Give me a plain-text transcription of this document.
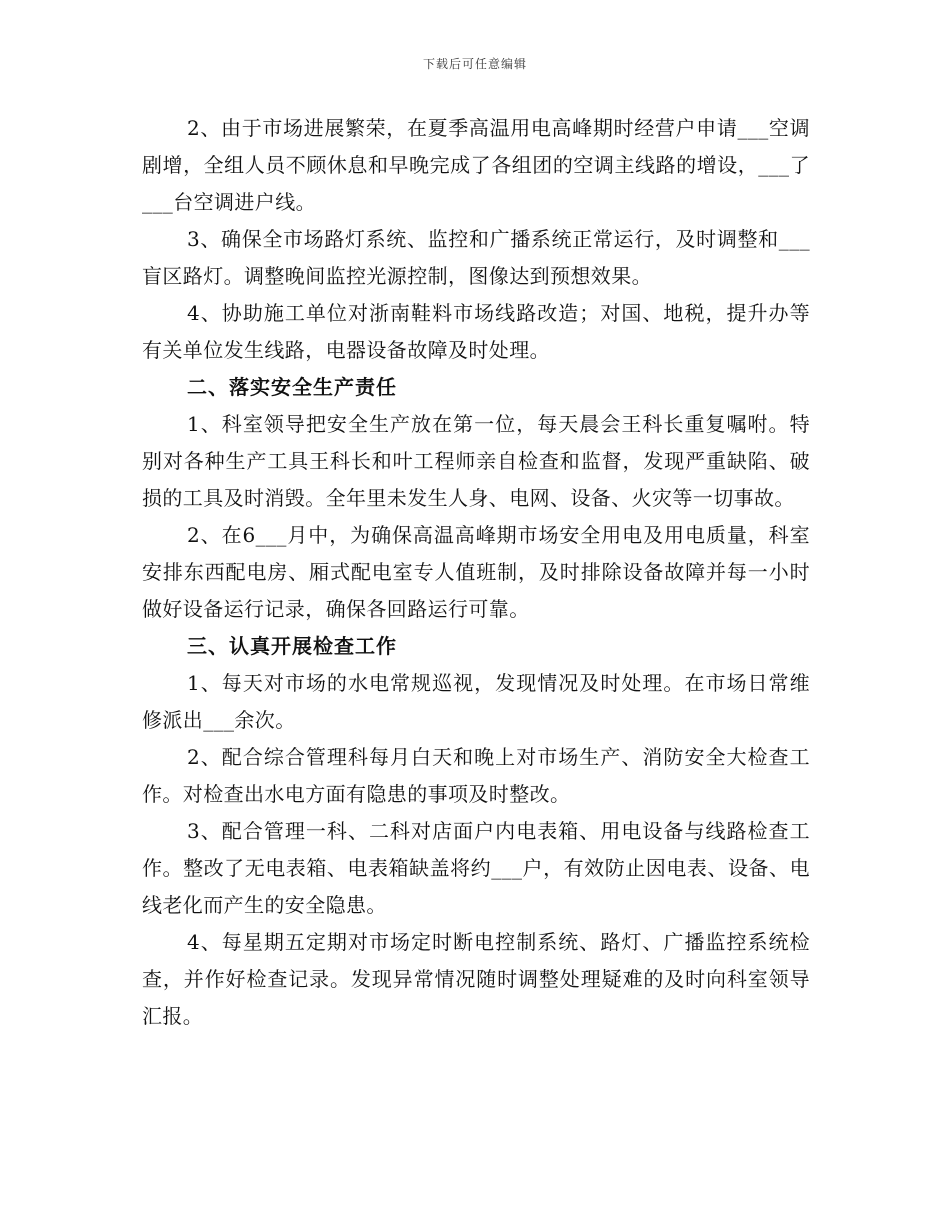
下载后可任意编辑

2、由于市场进展繁荣，在夏季高温用电高峰期时经营户申请___空调剧增，全组人员不顾休息和早晚完成了各组团的空调主线路的增设，___了___台空调进户线。

3、确保全市场路灯系统、监控和广播系统正常运行，及时调整和___盲区路灯。调整晚间监控光源控制，图像达到预想效果。

4、协助施工单位对浙南鞋料市场线路改造；对国、地税，提升办等有关单位发生线路，电器设备故障及时处理。

二、落实安全生产责任

1、科室领导把安全生产放在第一位，每天晨会王科长重复嘱咐。特别对各种生产工具王科长和叶工程师亲自检查和监督，发现严重缺陷、破损的工具及时消毁。全年里未发生人身、电网、设备、火灾等一切事故。

2、在6___月中，为确保高温高峰期市场安全用电及用电质量，科室安排东西配电房、厢式配电室专人值班制，及时排除设备故障并每一小时做好设备运行记录，确保各回路运行可靠。

三、认真开展检查工作

1、每天对市场的水电常规巡视，发现情况及时处理。在市场日常维修派出___余次。

2、配合综合管理科每月白天和晚上对市场生产、消防安全大检查工作。对检查出水电方面有隐患的事项及时整改。

3、配合管理一科、二科对店面户内电表箱、用电设备与线路检查工作。整改了无电表箱、电表箱缺盖将约___户，有效防止因电表、设备、电线老化而产生的安全隐患。

4、每星期五定期对市场定时断电控制系统、路灯、广播监控系统检查，并作好检查记录。发现异常情况随时调整处理疑难的及时向科室领导汇报。
